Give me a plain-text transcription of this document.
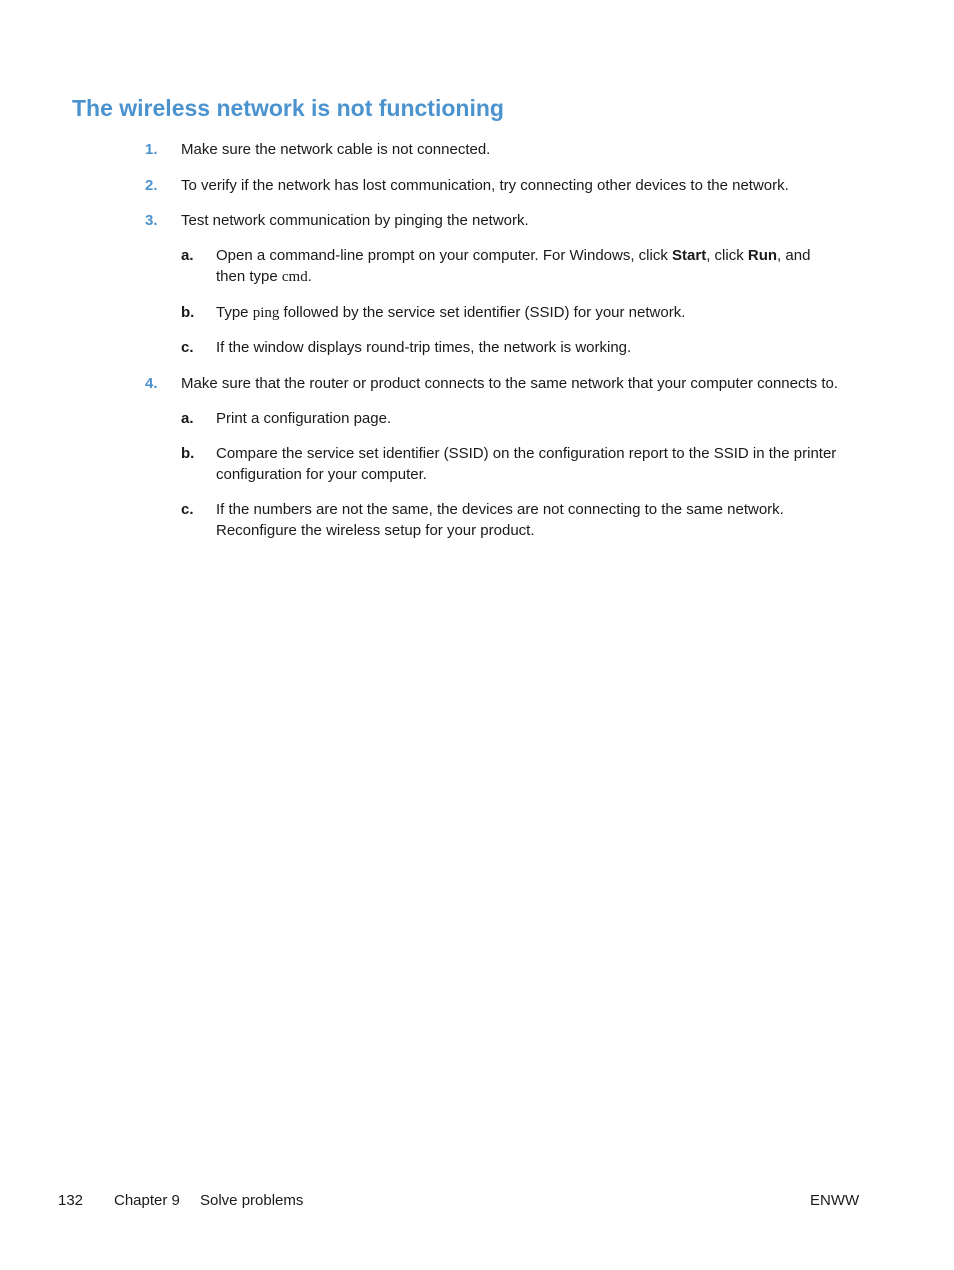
The wireless network is not functioning
1. Make sure the network cable is not connected.
2. To verify if the network has lost communication, try connecting other devices to the network.
3. Test network communication by pinging the network.
a. Open a command-line prompt on your computer. For Windows, click Start, click Run, and
then type cmd.
b. Type ping followed by the service set identifier (SSID) for your network.
c. If the window displays round-trip times, the network is working.
4. Make sure that the router or product connects to the same network that your computer connects to.
a. Print a configuration page.
b. Compare the service set identifier (SSID) on the configuration report to the SSID in the printer
configuration for your computer.
c. If the numbers are not the same, the devices are not connecting to the same network.
Reconfigure the wireless setup for your product.
132 Chapter 9 Solve problems	ENWW
